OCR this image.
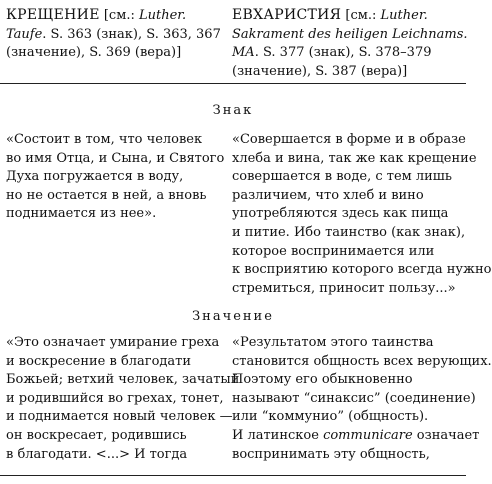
КРЕЩЕНИЕ [см.: Luther.
Taufe. S. 363 (знак), S. 363, 367
(значение), S. 369 (вера)]
ЕВХАРИСТИЯ [см.: Luther.
Sakrament des heiligen Leichnams.
MA. S. 377 (знак), S. 378–379
(значение), S. 387 (вера)]
Знак
«Состоит в том, что человек
во имя Отца, и Сына, и Святого
Духа погружается в воду,
но не остается в ней, а вновь
поднимается из нее».
«Совершается в форме и в образе
хлеба и вина, так же как крещение
совершается в воде, с тем лишь
различием, что хлеб и вино
употребляются здесь как пища
и питие. Ибо таинство (как знак),
которое воспринимается или
к восприятию которого всегда нужно
стремиться, приносит пользу...»
Значение
«Это означает умирание греха
и воскресение в благодати
Божьей; ветхий человек, зачатый
и родившийся во грехах, тонет,
и поднимается новый человек —
он воскресает, родившись
в благодати. <...> И тогда
«Результатом этого таинства
становится общность всех верующих.
Поэтому его обыкновенно
называют “синаксис” (соединение)
или “коммунио” (общность).
И латинское communicare означает
воспринимать эту общность,
